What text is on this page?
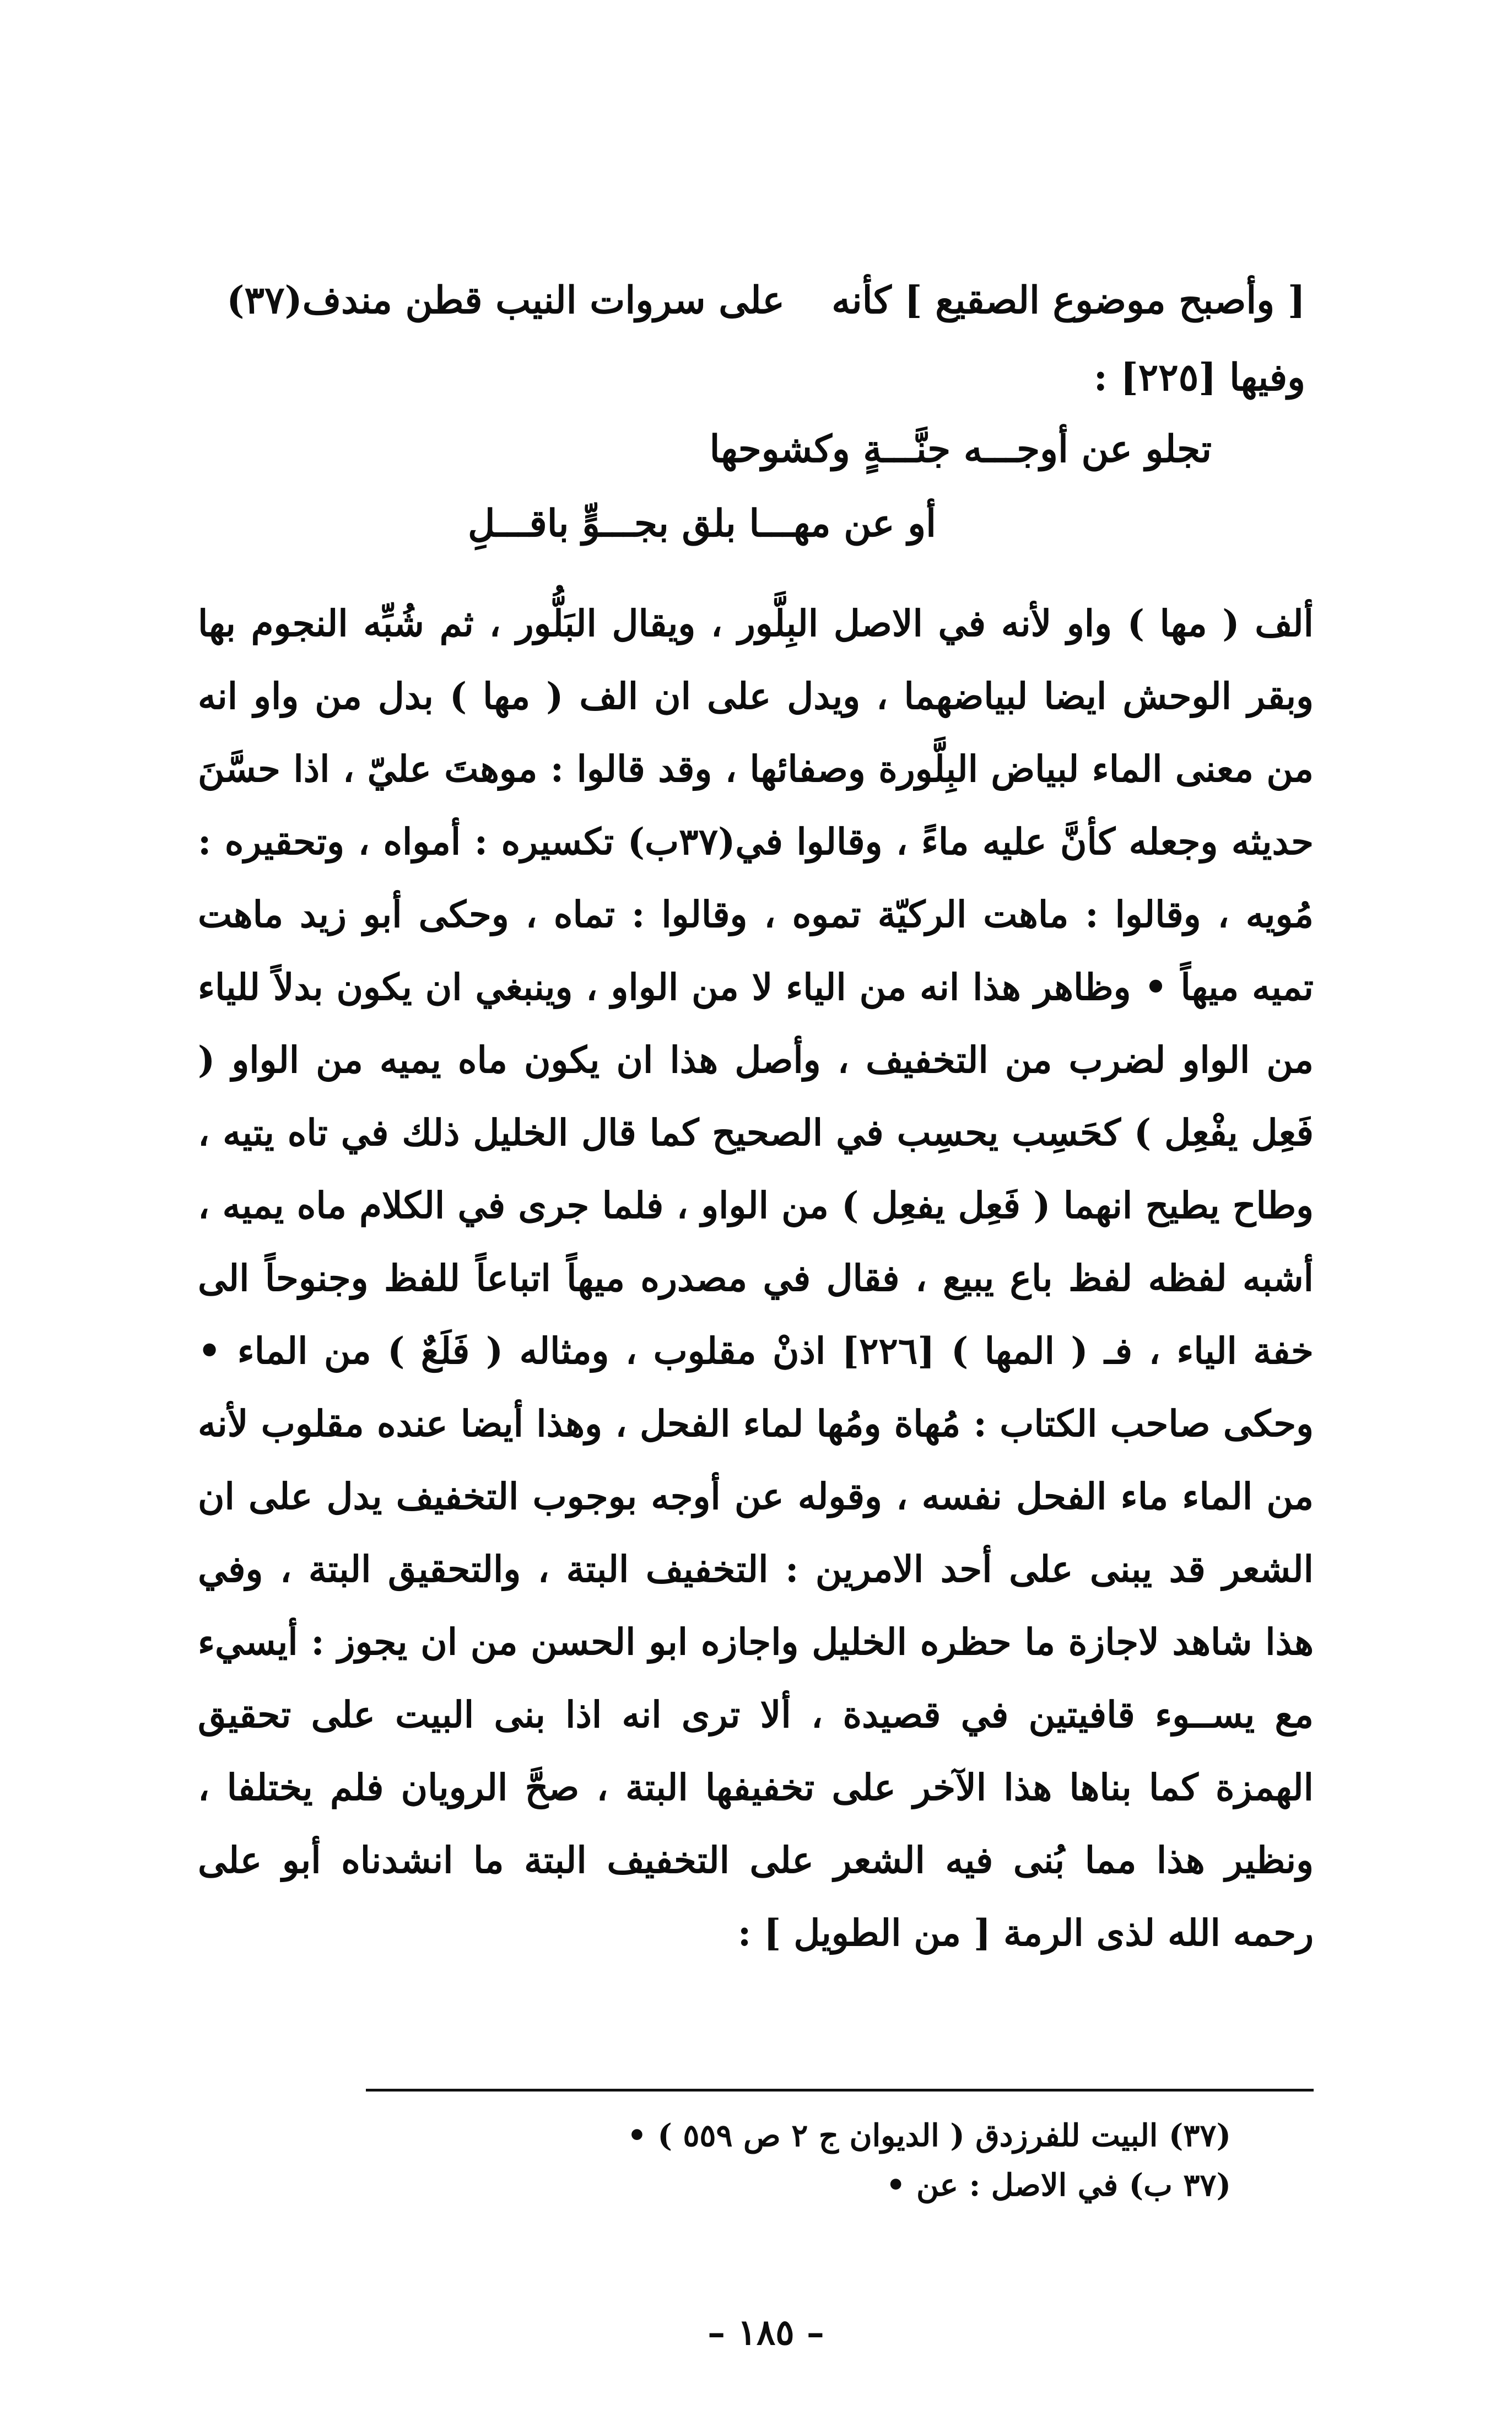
[ وأصبح موضوع الصقيع ] كأنه
على سروات النيب قطن مندف(٣٧)
وفيها [٢٢٥] :
تجلو عن أوجـــه جنَّـــةٍ وكشوحها
أو عن مهـــا بلق بجـــوٍّ باقـــلِ

ألف ( مها ) واو لأنه في الاصل البِلَّور ، ويقال البَلُّور ، ثم شُبِّه النجوم بها وبقر الوحش ايضا لبياضهما ، ويدل على ان الف ( مها ) بدل من واو انه من معنى الماء لبياض البِلَّورة وصفائها ، وقد قالوا : موهتَ عليّ ، اذا حسَّنَ حديثه وجعله كأنَّ عليه ماءً ، وقالوا في(٣٧ب) تكسيره : أمواه ، وتحقيره : مُويه ، وقالوا : ماهت الركيّة تموه ، وقالوا : تماه ، وحكى أبو زيد ماهت تميه ميهاً • وظاهر هذا انه من الياء لا من الواو ، وينبغي ان يكون بدلاً للياء من الواو لضرب من التخفيف ، وأصل هذا ان يكون ماه يميه من الواو ( فَعِل يفْعِل ) كحَسِب يحسِب في الصحيح كما قال الخليل ذلك في تاه يتيه ، وطاح يطيح انهما ( فَعِل يفعِل ) من الواو ، فلما جرى في الكلام ماه يميه ، أشبه لفظه لفظ باع يبيع ، فقال في مصدره ميهاً اتباعاً للفظ وجنوحاً الى خفة الياء ، فـ ( المها ) [٢٢٦] اذنْ مقلوب ، ومثاله ( فَلَعٌ ) من الماء • وحكى صاحب الكتاب : مُهاة ومُها لماء الفحل ، وهذا أيضا عنده مقلوب لأنه من الماء ماء الفحل نفسه ، وقوله عن أوجه بوجوب التخفيف يدل على ان الشعر قد يبنى على أحد الامرين : التخفيف البتة ، والتحقيق البتة ، وفي هذا شاهد لاجازة ما حظره الخليل واجازه ابو الحسن من ان يجوز : أيسيء مع يســوء قافيتين في قصيدة ، ألا ترى انه اذا بنى البيت على تحقيق الهمزة كما بناها هذا الآخر على تخفيفها البتة ، صحَّ الرويان فلم يختلفا ، ونظير هذا مما بُنى فيه الشعر على التخفيف البتة ما انشدناه أبو على رحمه الله لذى الرمة [ من الطويل ] :

(٣٧) البيت للفرزدق ( الديوان ج ٢ ص ٥٥٩ ) •
(٣٧ ب) في الاصل : عن •
– ١٨٥ –
